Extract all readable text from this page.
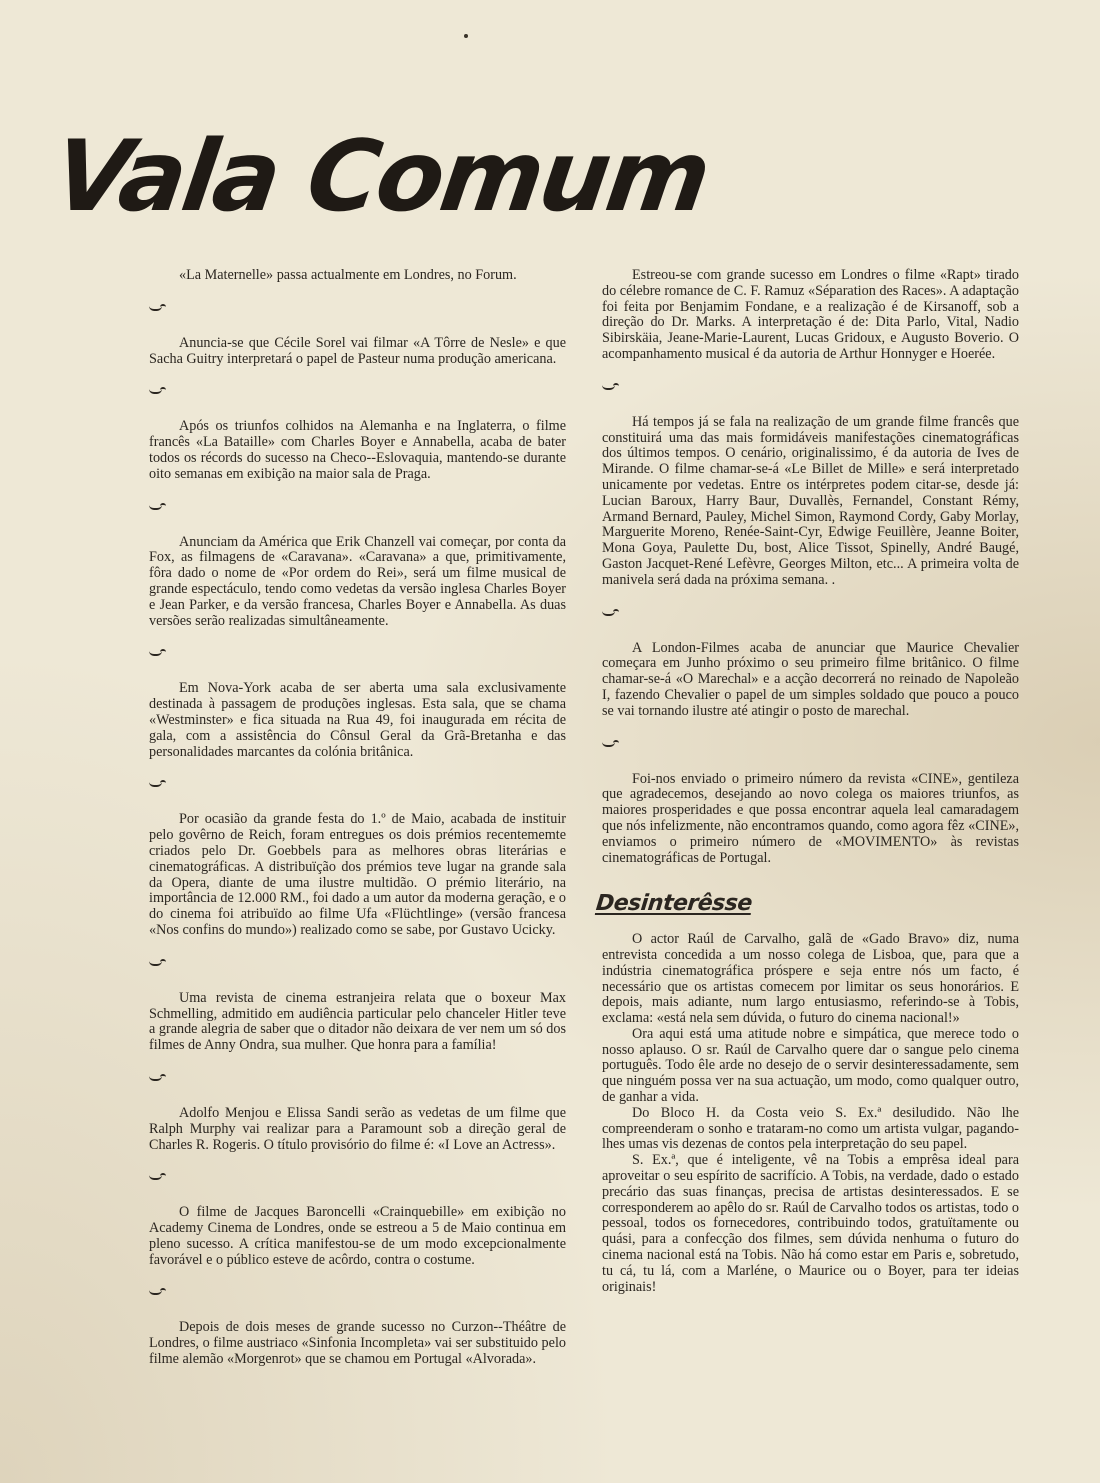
Vala Comum

«La Maternelle» passa actualmente em Londres, no Forum.

Anuncia-se que Cécile Sorel vai filmar «A Tôrre de Nesle» e que Sacha Guitry interpretará o papel de Pasteur numa produção americana.

Após os triunfos colhidos na Alemanha e na Inglaterra, o filme francês «La Bataille» com Charles Boyer e Annabella, acaba de bater todos os récords do sucesso na Checo--Eslovaquia, mantendo-se durante oito semanas em exibição na maior sala de Praga.

Anunciam da América que Erik Chanzell vai começar, por conta da Fox, as filmagens de «Caravana». «Caravana» a que, primitivamente, fôra dado o nome de «Por ordem do Rei», será um filme musical de grande espectáculo, tendo como vedetas da versão inglesa Charles Boyer e Jean Parker, e da versão francesa, Charles Boyer e Annabella. As duas versões serão realizadas simultâneamente.

Em Nova-York acaba de ser aberta uma sala exclusivamente destinada à passagem de produções inglesas. Esta sala, que se chama «Westminster» e fica situada na Rua 49, foi inaugurada em récita de gala, com a assistência do Cônsul Geral da Grã-Bretanha e das personalidades marcantes da colónia britânica.

Por ocasião da grande festa do 1.º de Maio, acabada de instituir pelo govêrno de Reich, foram entregues os dois prémios recentememte criados pelo Dr. Goebbels para as melhores obras literárias e cinematográficas. A distribuïção dos prémios teve lugar na grande sala da Opera, diante de uma ilustre multidão. O prémio literário, na importância de 12.000 RM., foi dado a um autor da moderna geração, e o do cinema foi atribuïdo ao filme Ufa «Flüchtlinge» (versão francesa «Nos confins do mundo») realizado como se sabe, por Gustavo Ucicky.

Uma revista de cinema estranjeira relata que o boxeur Max Schmelling, admitido em audiência particular pelo chanceler Hitler teve a grande alegria de saber que o ditador não deixara de ver nem um só dos filmes de Anny Ondra, sua mulher. Que honra para a família!

Adolfo Menjou e Elissa Sandi serão as vedetas de um filme que Ralph Murphy vai realizar para a Paramount sob a direção geral de Charles R. Rogeris. O título provisório do filme é: «I Love an Actress».

O filme de Jacques Baroncelli «Crainquebille» em exibição no Academy Cinema de Londres, onde se estreou a 5 de Maio continua em pleno sucesso. A crítica manifestou-se de um modo excepcionalmente favorável e o público esteve de acôrdo, contra o costume.

Depois de dois meses de grande sucesso no Curzon--Théâtre de Londres, o filme austriaco «Sinfonia Incompleta» vai ser substituido pelo filme alemão «Morgenrot» que se chamou em Portugal «Alvorada».

Estreou-se com grande sucesso em Londres o filme «Rapt» tirado do célebre romance de C. F. Ramuz «Séparation des Races». A adaptação foi feita por Benjamim Fondane, e a realização é de Kirsanoff, sob a direção do Dr. Marks. A interpretação é de: Dita Parlo, Vital, Nadio Sibirskäia, Jeane-Marie-Laurent, Lucas Gridoux, e Augusto Boverio. O acompanhamento musical é da autoria de Arthur Honnyger e Hoerée.

Há tempos já se fala na realização de um grande filme francês que constituirá uma das mais formidáveis manifestações cinematográficas dos últimos tempos. O cenário, originalissimo, é da autoria de Ives de Mirande. O filme chamar-se-á «Le Billet de Mille» e será interpretado unicamente por vedetas. Entre os intérpretes podem citar-se, desde já: Lucian Baroux, Harry Baur, Duvallès, Fernandel, Constant Rémy, Armand Bernard, Pauley, Michel Simon, Raymond Cordy, Gaby Morlay, Marguerite Moreno, Renée-Saint-Cyr, Edwige Feuillère, Jeanne Boiter, Mona Goya, Paulette Du, bost, Alice Tissot, Spinelly, André Baugé, Gaston Jacquet-René Lefèvre, Georges Milton, etc... A primeira volta de manivela será dada na próxima semana. .

A London-Filmes acaba de anunciar que Maurice Chevalier começara em Junho próximo o seu primeiro filme britânico. O filme chamar-se-á «O Marechal» e a acção decorrerá no reinado de Napoleão I, fazendo Chevalier o papel de um simples soldado que pouco a pouco se vai tornando ilustre até atingir o posto de marechal.

Foi-nos enviado o primeiro número da revista «CINE», gentileza que agradecemos, desejando ao novo colega os maiores triunfos, as maiores prosperidades e que possa encontrar aquela leal camaradagem que nós infelizmente, não encontramos quando, como agora fêz «CINE», enviamos o primeiro número de «MOVIMENTO» às revistas cinematográficas de Portugal.

Desinterêsse

O actor Raúl de Carvalho, galã de «Gado Bravo» diz, numa entrevista concedida a um nosso colega de Lisboa, que, para que a indústria cinematográfica próspere e seja entre nós um facto, é necessário que os artistas comecem por limitar os seus honorários. E depois, mais adiante, num largo entusiasmo, referindo-se à Tobis, exclama: «está nela sem dúvida, o futuro do cinema nacional!»

Ora aqui está uma atitude nobre e simpática, que merece todo o nosso aplauso. O sr. Raúl de Carvalho quere dar o sangue pelo cinema português. Todo êle arde no desejo de o servir desinteressadamente, sem que ninguém possa ver na sua actuação, um modo, como qualquer outro, de ganhar a vida.

Do Bloco H. da Costa veio S. Ex.ª desiludido. Não lhe compreenderam o sonho e trataram-no como um artista vulgar, pagando-lhes umas vis dezenas de contos pela interpretação do seu papel.

S. Ex.ª, que é inteligente, vê na Tobis a emprêsa ideal para aproveitar o seu espírito de sacrifício. A Tobis, na verdade, dado o estado precário das suas finanças, precisa de artistas desinteressados. E se corresponderem ao apêlo do sr. Raúl de Carvalho todos os artistas, todo o pessoal, todos os fornecedores, contribuindo todos, gratuïtamente ou quási, para a confecção dos filmes, sem dúvida nenhuma o futuro do cinema nacional está na Tobis. Não há como estar em Paris e, sobretudo, tu cá, tu lá, com a Marléne, o Maurice ou o Boyer, para ter ideias originais!
